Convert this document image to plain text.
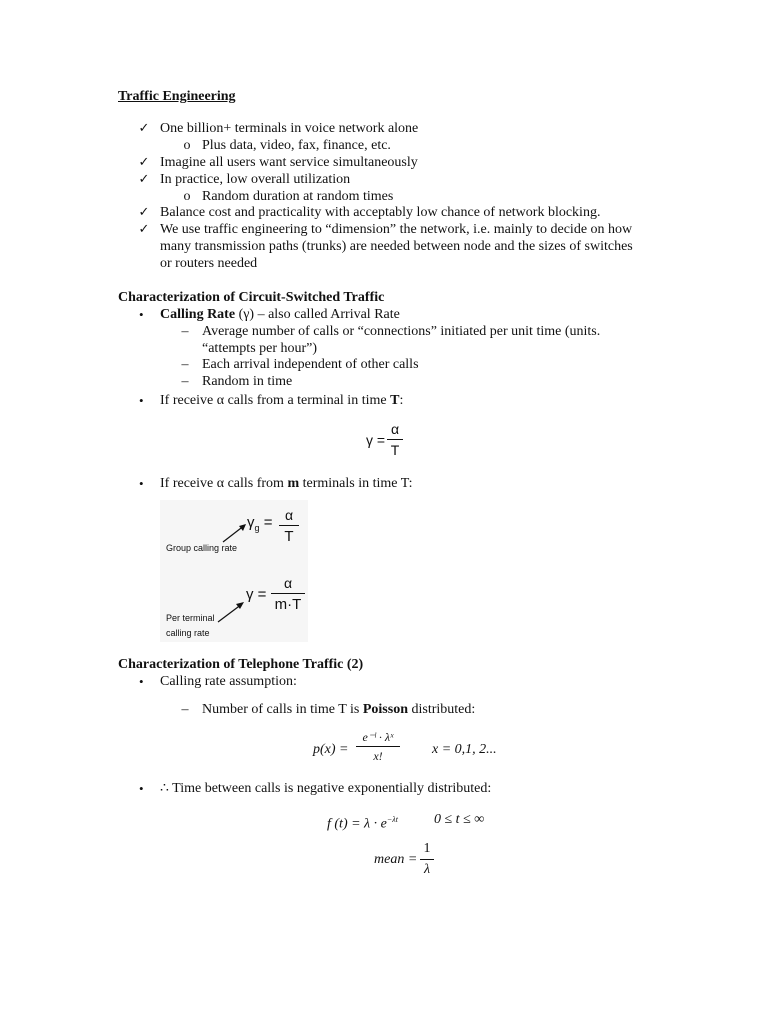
Traffic Engineering
✓ One billion+ terminals in voice network alone
o Plus data, video, fax, finance, etc.
✓ Imagine all users want service simultaneously
✓ In practice, low overall utilization
o Random duration at random times
✓ Balance cost and practicality with acceptably low chance of network blocking.
✓ We use traffic engineering to “dimension” the network, i.e. mainly to decide on how
many transmission paths (trunks) are needed between node and the sizes of switches
or routers needed
Characterization of Circuit-Switched Traffic
• Calling Rate (γ) – also called Arrival Rate
– Average number of calls or “connections” initiated per unit time (units.
“attempts per hour”)
– Each arrival independent of other calls
– Random in time
• If receive α calls from a terminal in time T:
γ =
α
T
• If receive α calls from m terminals in time T:
$\gamma_g = \alpha$
T
Group calling rate
γ =
α
m·T
Per terminal
calling rate
Characterization of Telephone Traffic (2)
• Calling rate assumption:
– Number of calls in time T is Poisson distributed:
p(x) =
e⁻ˡ · λˣ
x!	x = 0,1, 2...
• ∴ Time between calls is negative exponentially distributed:
f $(t) = \lambda \cdot e^{-\lambda t}$	0 ≤ t ≤ ∞
mean =
1
λ
